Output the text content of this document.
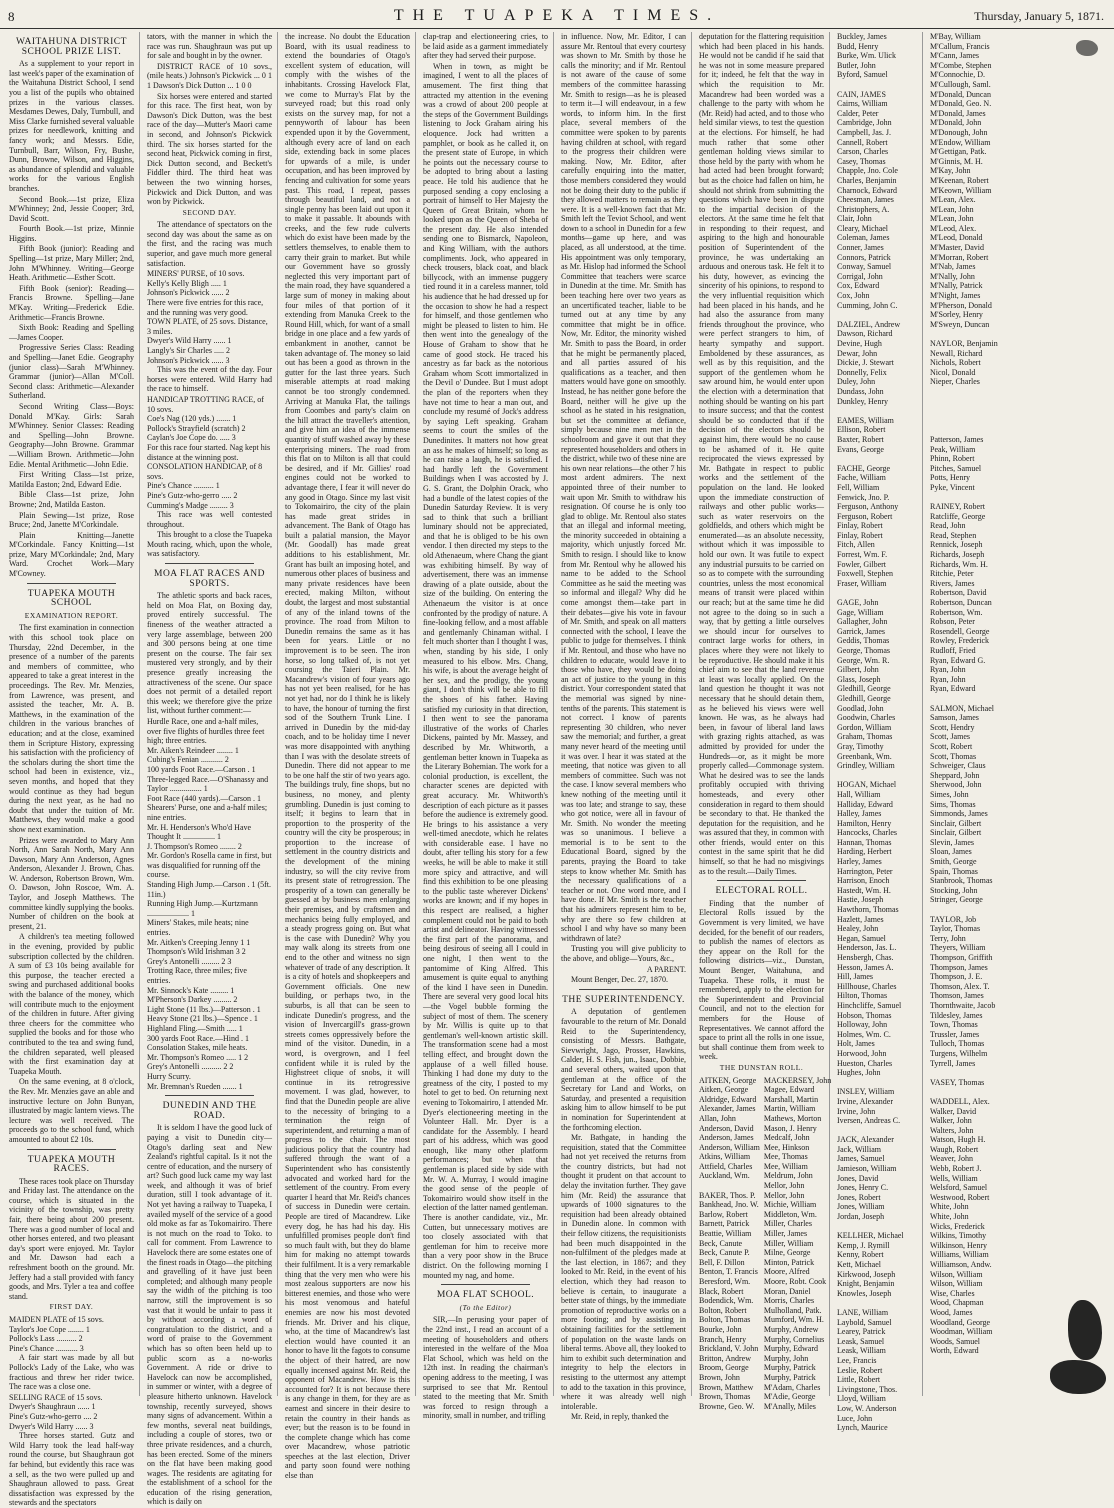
8	THE TUAPEKA TIMES.	Thursday, January 5, 1871.
WAITAHUNA DISTRICT SCHOOL PRIZE LIST.

As a supplement to your report in last week's paper of the examination of the Waitahuna District School, I send you a list of the pupils who obtained prizes in the various classes. Mesdames Dewes, Daly, Turnbull, and Miss Clarke furnished several valuable prizes for needlework, knitting and fancy work; and Messrs. Edie, Turnbull, Barr, Wilson, Fry, Bushe, Dunn, Browne, Wilson, and Higgins, as abundance of splendid and valuable works for the various English branches.

Second Book.—1st prize, Eliza M'Whinney; 2nd, Jessie Cooper; 3rd, David Scott.

Fourth Book.—1st prize, Minnie Higgins.

Fifth Book (junior): Reading and Spelling—1st prize, Mary Miller; 2nd, John M'Whinney. Writing—George Heath. Arithmetic—Esther Scott.

Fifth Book (senior): Reading—Francis Browne. Spelling—Jane M'Kay. Writing—Frederick Edie. Arithmetic—Francis Browne.

Sixth Book: Reading and Spelling—James Cooper.

Progressive Series Class: Reading and Spelling—Janet Edie. Geography (junior class)—Sarah M'Whinney. Grammar (junior)—Allan M'Coll. Second class: Arithmetic—Alexander Sutherland.

Second Writing Class—Boys: Donald M'Kay. Girls: Sarah M'Whinney. Senior Classes: Reading and Spelling—John Browne. Geography—John Browne. Grammar—William Brown. Arithmetic—John Edie. Mental Arithmetic—John Edie.

First Writing Class—1st prize, Matilda Easton; 2nd, Edward Edie.

Bible Class—1st prize, John Browne; 2nd, Matilda Easton.

Plain Sewing—1st prize, Rose Bruce; 2nd, Janette M'Corkindale.

Plain Knitting—Janette M'Corkindale. Fancy Knitting—1st prize, Mary M'Corkindale; 2nd, Mary Ward. Crochet Work—Mary M'Cowney.

TUAPEKA MOUTH SCHOOL
EXAMINATION REPORT.

The first examination in connection with this school took place on Thursday, 22nd December, in the presence of a number of the parents and members of committee, who appeared to take a great interest in the proceedings. The Rev. Mr. Menzies, from Lawrence, was present, and assisted the teacher, Mr. A. B. Matthews, in the examination of the children in the various branches of education; and at the close, examined them in Scripture History, expressing his satisfaction with the proficiency of the scholars during the short time the school had been in existence, viz., seven months, and hoped that they would continue as they had begun during the next year, as he had no doubt that under the tuition of Mr. Matthews, they would make a good show next examination.

Prizes were awarded to Mary Ann North, Ann Sarah North, Mary Ann Dawson, Mary Ann Anderson, Agnes Anderson, Alexander J. Brown, Chas. W. Anderson, Robertson Brown, Wm. O. Dawson, John Roscoe, Wm. A. Taylor, and Joseph Matthews. The committee kindly supplying the books. Number of children on the book at present, 21.

A children's tea meeting followed in the evening, provided by public subscription collected by the children. A sum of £3 10s being available for this purpose, the teacher erected a swing and purchased additional books with the balance of the money, which will contribute much to the enjoyment of the children in future. After giving three cheers for the committee who supplied the books and for those who contributed to the tea and swing fund, the children separated, well pleased with the first examination day at Tuapeka Mouth.

On the same evening, at 8 o'clock, the Rev. Mr. Menzies gave an able and instructive lecture on John Bunyan, illustrated by magic lantern views. The lecture was well received. The proceeds go to the school fund, which amounted to about £2 10s.

TUAPEKA MOUTH RACES.

These races took place on Thursday and Friday last. The attendance on the course, which is situated in the vicinity of the township, was pretty fair, there being about 200 present. There was a good number of local and other horses entered, and two pleasant day's sport were enjoyed. Mr. Taylor and Mr. Dawson had each a refreshment booth on the ground. Mr. Jeffery had a stall provided with fancy goods, and Mrs. Tyler a tea and coffee stand.

FIRST DAY.

MAIDEN PLATE of 15 sovs.

Taylor's Joe Cope ........ 1

Pollock's Lass .......... 2

Pine's Chance ........... 3

A fair start was made by all but Pollock's Lady of the Lake, who was fractious and threw her rider twice. The race was a close one.

SELLING RACE of 15 sovs.

Dwyer's Shaughraun ...... 1

Pine's Gutz-who-gerro .... 2

Dwyer's Wild Harry ...... 3

Three horses started. Gutz and Wild Harry took the lead half-way round the course, but Shaughraun got far behind, but evidently this race was a sell, as the two were pulled up and Shaughraun allowed to pass. Great dissatisfaction was expressed by the stewards and the spectators

tators, with the manner in which the race was run. Shaughraun was put up for sale and bought in by the owner.

DISTRICT RACE of 10 sovs., (mile heats.) Johnson's Pickwick ... 0 1 1 Dawson's Dick Dutton ... 1 0 0

Six horses were entered and started for this race. The first heat, won by Dawson's Dick Dutton, was the best race of the day—Mutter's Maori came in second, and Johnson's Pickwick third. The six horses started for the second heat, Pickwick coming in first, Dick Dutton second, and Beckett's Fiddler third. The third heat was between the two winning horses, Pickwick and Dick Dutton, and was won by Pickwick.

SECOND DAY.

The attendance of spectators on the second day was about the same as on the first, and the racing was much superior, and gave much more general satisfaction.

MINERS' PURSE, of 10 sovs.

Kelly's Kelly Bligh ..... 1

Johnson's Pickwick ...... 2

There were five entries for this race, and the running was very good.

TOWN PLATE, of 25 sovs. Distance, 3 miles.

Dwyer's Wild Harry ...... 1

Langly's Sir Charles ..... 2

Johnson's Pickwick ...... 3

This was the event of the day. Four horses were entered. Wild Harry had the race to himself.

HANDICAP TROTTING RACE, of 10 sovs.

Coe's Nag (120 yds.) ....... 1

Pollock's Strayfield (scratch) 2

Caylan's Joe Cope do. ..... 3

For this race four started. Nag kept his distance at the winning post.

CONSOLATION HANDICAP, of 8 sovs.

Pine's Chance .......... 1

Pine's Gutz-who-gerro ..... 2

Cumming's Madge ......... 3

This race was well contested throughout.

This brought to a close the Tuapeka Mouth racing, which, upon the whole, was satisfactory.

MOA FLAT RACES AND SPORTS.

The athletic sports and back races, held on Moa Flat, on Boxing day, proved entirely successful. The fineness of the weather attracted a very large assemblage, between 200 and 300 persons being at one time present on the course. The fair sex mustered very strongly, and by their presence greatly increasing the attractiveness of the scene. Our space does not permit of a detailed report this week; we therefore give the prize list, without further comment:—

Hurdle Race, one and a-half miles, over five flights of hurdles three feet high; three entries.

Mr. Aiken's Reindeer ........ 1

Cubing's Fenian ........... 2

100 yards Foot Race.—Carson . 1

Three-legged Race.—O'Shanassy and Taylor ................ 1

Foot Race (440 yards).—Carson . 1

Shearers' Purse, one and a-half miles; nine entries.

Mr. H. Henderson's Who'd Have Thought It ................ 1

J. Thompson's Romeo ........ 2

Mr. Gordon's Rosella came in first, but was disqualified for running off the course.

Standing High Jump.—Carson . 1 (5ft. 11in.)

Running High Jump.—Kurtzmann ..................... 1

Miners' Stakes, mile heats; nine entries.

Mr. Aitken's Creeping Jenny 1 1

Thompson's Wild Irishman 3 2

Grey's Antonelli ......... 2 3

Trotting Race, three miles; five entries.

Mr. Sinnock's Kate ......... 1

M'Pherson's Darkey ......... 2

Light Stone (11 lbs.)—Patterson . 1

Heavy Stone (21 lbs.)—Spence . 1

Highland Fling.—Smith ..... 1

300 yards Foot Race.—Hind . 1

Consolation Stakes, mile heats.

Mr. Thompson's Romeo ..... 1 2

Grey's Antonelli .......... 2 2

Hurry Scurry.

Mr. Bremnan's Rueden ....... 1

DUNEDIN AND THE ROAD.

It is seldom I have the good luck of paying a visit to Dunedin city—Otago's darling seat and New Zealand's rightful capital. Is it not the centre of education, and the nursery of art? Such good luck came my way last week, and although it was of brief duration, still I took advantage of it. Not yet having a railway to Tuapeka, I availed myself of the service of a good old moke as far as Tokomairiro. There is not much on the road to Toko. to call for comment. From Lawrence to Havelock there are some estates one of the finest roads in Otago—the pitching and gravelling of it have just been completed; and although many people say the width of the pitching is too narrow, still the improvement is so vast that it would be unfair to pass it by without according a word of congratulation to the district, and a word of praise to the Government which has so often been held up to public scorn as a no-works Government. A ride or drive to Havelock can now be accomplished, in summer or winter, with a degree of pleasure hitherto unknown. Havelock township, recently surveyed, shows many signs of advancement. Within a few months, several neat buildings, including a couple of stores, two or three private residences, and a church, has been erected. Some of the miners on the flat have been making good wages. The residents are agitating for the establishment of a school for the education of the rising generation, which is daily on

the increase. No doubt the Education Board, with its usual readiness to extend the boundaries of Otago's excellent system of education, will comply with the wishes of the inhabitants. Crossing Havelock Flat, we come to Murray's Flat by the surveyed road; but this road only exists on the survey map, for not a pennyworth of labour has been expended upon it by the Government, although every acre of land on each side, extending back in some places for upwards of a mile, is under occupation, and has been improved by fencing and cultivation for some years past. This road, I repeat, passes through beautiful land, and not a single penny has been laid out upon it to make it passable. It abounds with creeks, and the few rude culverts which do exist have been made by the settlers themselves, to enable them to carry their grain to market. But while our Government have so grossly neglected this very important part of the main road, they have squandered a large sum of money in making about four miles of that portion of it extending from Manuka Creek to the Round Hill, which, for want of a small bridge in one place and a few yards of embankment in another, cannot be taken advantage of. The money so laid out has been a good as thrown in the gutter for the last three years. Such miserable attempts at road making cannot be too strongly condemned. Arriving at Manuka Flat, the tailings from Coombes and party's claim on the hill attract the traveller's attention, and give him an idea of the immense quantity of stuff washed away by these enterprising miners. The road from this flat on to Milton is all that could be desired, and if Mr. Gillies' road engines could not be worked to advantage there, I fear it will never do any good in Otago. Since my last visit to Tokomairiro, the city of the plain has made great strides in advancement. The Bank of Otago has built a palatial mansion, the Mayor (Mr. Goodall) has made great additions to his establishment, Mr. Grant has built an imposing hotel, and numerous other places of business and many private residences have been erected, making Milton, without doubt, the largest and most substantial of any of the inland towns of the province. The road from Milton to Dunedin remains the same as it has been for years. Little or no improvement is to be seen. The iron horse, so long talked of, is not yet coursing the Taieri Plain. Mr. Macandrew's vision of four years ago has not yet been realised, for he has not yet had, nor do I think he is likely to have, the honour of turning the first sod of the Southern Trunk Line. I arrived in Dunedin by the mid-day coach, and to be holiday time I never was more disappointed with anything than I was with the desolate streets of Dunedin. There did not appear to me to be one half the stir of two years ago. The buildings truly, fine shops, but no business, no money, and plenty grumbling. Dunedin is just coming to itself; it begins to learn that in proportion to the prosperity of the country will the city be prosperous; in proportion to the increase of settlement in the country districts and the development of the mining industry, so will the city revive from its present state of retrogression. The prosperity of a town can generally be guessed at by business men enlarging their premises, and by craftsmen and mechanics being fully employed, and a steady progress going on. But what is the case with Dunedin? Why you may walk along its streets from one end to the other and witness no sign whatever of trade of any description. It is a city of hotels and shopkeepers and Government officials. One new building, or perhaps two, in the suburbs, is all that can be seen to indicate Dunedin's progress, and the vision of Invercargill's grass-grown streets comes oppressively before the mind of the visitor. Dunedin, in a word, is overgrown, and I feel confident while it is ruled by the Highstreet clique of snobs, it will continue in its retrogressive movement. I was glad, however, to find that the Dunedin people are alive to the necessity of bringing to a termination the reign of superintendent, and returning a man of progress to the chair. The most judicious policy that the country had suffered through the want of a Superintendent who has consistently advocated and worked hard for the settlement of the country. From every quarter I heard that Mr. Reid's chances of success in Dunedin were certain. People are tired of Macandrew. Like every dog, he has had his day. His unfulfilled promises people don't find so much fault with, but they do blame him for making no attempt towards their fulfilment. It is a very remarkable thing that the very men who were his most zealous supporters are now his bitterest enemies, and those who were his most venomous and hateful enemies are now his most devoted friends. Mr. Driver and his clique, who, at the time of Macandrew's last election would have counted it an honor to have lit the fagots to consume the object of their hatred, are now equally incensed against Mr. Reid, the opponent of Macandrew. How is this accounted for? It is not because there is any change in them, for they are as earnest and sincere in their desire to retain the country in their hands as ever; but the reason is to be found in the complete change which has come over Macandrew, whose patriotic speeches at the last election, Driver and party soon found were nothing else than

clap-trap and electioneering cries, to be laid aside as a garment immediately after they had served their purpose.

When in town, as might be imagined, I went to all the places of amusement. The first thing that attracted my attention in the evening was a crowd of about 200 people at the steps of the Government Buildings listening to Jock Graham airing his eloquence. Jock had written a pamphlet, or book as he called it, on the present state of Europe, in which he points out the necessary course to be adopted to bring about a lasting peace. He told his audience that he purposed sending a copy enclosing a portrait of himself to Her Majesty the Queen of Great Britain, whom he looked upon as the Queen of Sheba of the present day. He also intended sending one to Bismarck, Napoleon, and King William, with the authors compliments. Jock, who appeared in check trousers, black coat, and black billycock, with an immense puggery tied round it in a careless manner, told his audience that he had dressed up for the occasion to show he had a respect for himself, and those gentlemen who might be pleased to listen to him. He then went into the genealogy of the House of Graham to show that he came of good stock. He traced his ancestry as far back as the notorious Graham whom Scott immortalized in the Devil o' Dundee. But I must adopt the plan of the reporters when they have not time to hear a man out, and conclude my resumé of Jock's address by saying Left speaking. Graham seems to court the smiles of the Dunedinites. It matters not how great an ass he makes of himself; so long as he can raise a laugh, he is satisfied. I had hardly left the Government Buildings when I was accosted by J. G. S. Grant, the Dolphin Orack, who had a bundle of the latest copies of the Dunedin Saturday Review. It is very sad to think that such a brilliant luminary should not be appreciated, and that he is obliged to be his own vendor. I then directed my steps to the old Athenaeum, where Chang the giant was exhibiting himself. By way of advertisement, there was an immense drawing of a plate outside, about the size of the building. On entering the Athenaeum the visitor is at once confronted by the prodigy of nature. A fine-looking fellow, and a most affable and gentlemanly Chinaman withal. I felt much shorter than I thought I was, when, standing by his side, I only measured to his elbow. Mrs. Chang, his wife, is about the average height of her sex, and the prodigy, the young giant, I don't think will be able to fill the shoes of his father. Having satisfied my curiosity in that direction, I then went to see the panorama illustrative of the works of Charles Dickens, painted by Mr. Massey, and described by Mr. Whitworth, a gentleman better known in Tuapeka as the Literary Bohemian. The work for a colonial production, is excellent, the character scenes are depicted with great accuracy. Mr. Whitworth's description of each picture as it passes before the audience is extremely good. He brings to his assistance a very well-timed anecdote, which he relates with considerable ease. I have no doubt, after telling his story for a few weeks, he will be able to make it still more spicy and attractive, and will find this exhibition to be one pleasing to the public taste wherever Dickens' works are known; and if my hopes in this respect are realised, a higher complement could not be paid to both artist and delineator. Having witnessed the first part of the panorama, and being desirous of seeing all I could in one night, I then went to the pantomime of King Alfred. This amusement is quite equal to anything of the kind I have seen in Dunedin. There are several very good local hits—the Vogel bubble forming the subject of most of them. The scenery by Mr. Willis is quite up to that gentleman's well-known artistic skill. The transformation scene had a most telling effect, and brought down the applause of a well filled house. Thinking I had done my duty to the greatness of the city, I posted to my hotel to get to bed. On returning next evening to Tokomairiro, I attended Mr. Dyer's electioneering meeting in the Volunteer Hall. Mr. Dyer is a candidate for the Assembly. I heard part of his address, which was good enough, like many other platform performances; but when that gentleman is placed side by side with Mr. W. A. Murray, I would imagine the good sense of the people of Tokomairiro would show itself in the election of the latter named gentleman. There is another candidate, viz., Mr. Cutten, but unnecessary motives are too closely associated with that gentleman for him to receive more than a very poor show in the Bruce district. On the following morning I mounted my nag, and home.

MOA FLAT SCHOOL.
(To the Editor)

SIR,—In perusing your paper of the 22nd inst., I read an account of a meeting of householders and others interested in the welfare of the Moa Flat School, which was held on the 12th inst. In reading the chairman's opening address to the meeting, I was surprised to see that Mr. Rentoul stated to the meeting that Mr. Smith was forced to resign through a minority, small in number, and trifling

in influence. Now, Mr. Editor, I can assure Mr. Rentoul that every courtesy was shown to Mr. Smith by those he calls the minority; and if Mr. Rentoul is not aware of the cause of some members of the committee harassing Mr. Smith to resign—as he is pleased to term it—I will endeavour, in a few words, to inform him. In the first place, several members of the committee were spoken to by parents having children at school, with regard to the progress their children were making. Now, Mr. Editor, after carefully enquiring into the matter, those members considered they would not be doing their duty to the public if they allowed matters to remain as they were. It is a well-known fact that Mr. Smith left the Teviot School, and went down to a school in Dunedin for a few months—game up here, and was placed, as all understood, at the time. His appointment was only temporary, as Mr. Hislop had informed the School Committee that teachers were scarce in Dunedin at the time. Mr. Smith has been teaching here over two years as an uncertificated teacher, liable to be turned out at any time by any committee that might be in office. Now, Mr. Editor, the minority wished Mr. Smith to pass the Board, in order that he might be permanently placed, and all parties assured of his qualifications as a teacher, and then matters would have gone on smoothly. Instead, he has neither gone before the Board, neither will he give up the school as he stated in his resignation, but set the committee at defiance, simply because nine men met in the schoolroom and gave it out that they represented householders and others in the district, while two of these nine are his own near relations—the other 7 his most ardent admirers. The next appointed three of their number to wait upon Mr. Smith to withdraw his resignation. Of course he is only too glad to oblige. Mr. Rentoul also states that an illegal and informal meeting, the minority succeeded in obtaining a majority, which unjustly forced Mr. Smith to resign. I should like to know from Mr. Rentoul why he allowed his name to be added to the School Committee as he said the meeting was so informal and illegal? Why did he come amongst them—take part in their debates—give his vote in favour of Mr. Smith, and speak on all matters connected with the school, I leave the public to judge for themselves. I think if Mr. Rentoul, and those who have no children to educate, would leave it to those who have, they would be doing an act of justice to the young in this district. Your correspondent stated that the memorial was signed by nine-tenths of the parents. This statement is not correct. I know of parents representing 30 children, who never saw the memorial; and further, a great many never heard of the meeting until it was over. I hear it was stated at the meeting, that notice was given to all members of committee. Such was not the case. I know several members who knew nothing of the meeting until it was too late; and strange to say, these who got notice, were all in favour of Mr. Smith. No wonder the meeting was so unanimous. I believe a memorial is to be sent to the Educational Board, signed by the parents, praying the Board to take steps to know whether Mr. Smith has the necessary qualifications of a teacher or not. One word more, and I have done. If Mr. Smith is the teacher that his admirers represent him to be, why are there so few children at school I and why have so many been withdrawn of late?

Trusting you will give publicity to the above, and oblige—Yours, &c.,

A PARENT.

Mount Benger, Dec. 27, 1870.

THE SUPERINTENDENCY.

A deputation of gentlemen favourable to the return of Mr. Donald Reid to the Superintendency, consisting of Messrs. Bathgate, Sievwright, Jago, Prosser, Hawkins, Calder, H. S. Fish, jun., Isaac, Dobbie, and several others, waited upon that gentleman at the office of the Secretary for Land and Works, on Saturday, and presented a requisition asking him to allow himself to be put in nomination for Superintendent at the forthcoming election.

Mr. Bathgate, in handing the requisition, stated that the Committee had not yet received the returns from the country districts, but had not thought it prudent on that account to delay the invitation further. They gave him (Mr. Reid) the assurance that upwards of 1000 signatures to the requisition had been already obtained in Dunedin alone. In common with their fellow citizens, the requisitionists had been much disappointed in the non-fulfilment of the pledges made at the last election, in 1867; and they looked to Mr. Reid, in the event of his election, which they had reason to believe is certain, to inaugurate a better state of things, by the immediate promotion of reproductive works on a more footing; and by assisting in obtaining facilities for the settlement of population on the waste lands on liberal terms. Above all, they looked to him to exhibit such determination and integrity to help the electors in resisting to the uttermost any attempt to add to the taxation in this province, where it was already well nigh intolerable.

Mr. Reid, in reply, thanked the

deputation for the flattering requisition which had been placed in his hands. He would not be candid if he said that he was not in some measure prepared for it; indeed, he felt that the way in which the requisition to Mr. Macandrew had been worded was a challenge to the party with whom he (Mr. Reid) had acted, and to those who held similar views, to test the question at the elections. For himself, he had much rather that some other gentleman holding views similar to those held by the party with whom he had acted had been brought forward; but as the choice had fallen on him, he should not shrink from submitting the questions which have been in dispute to the impartial decision of the electors. At the same time he felt that in responding to their request, and aspiring to the high and honourable position of Superintendent of the province, he was undertaking an arduous and onerous task. He felt it to his duty, however, as evincing the sincerity of his opinions, to respond to the very influential requisition which had been placed in his hands, and he had also the assurance from many friends throughout the province, who were perfect strangers to him, of hearty sympathy and support. Emboldened by these assurances, as well as by this requisition, and the support of the gentlemen whom he saw around him, he would enter upon the election with a determination that nothing should be wanting on his part to insure success; and that the contest should be so conducted that if the decision of the electors should be against him, there would be no cause to be ashamed of it. He quite reciprocated the views expressed by Mr. Bathgate in respect to public works and the settlement of the population on the land. He looked upon the immediate construction of railways and other public works—such as water reservoirs on the goldfields, and others which might be enumerated—as an absolute necessity, without which it was impossible to hold our own. It was futile to expect any industrial pursuits to be carried on so as to compete with the surrounding countries, unless the most economical means of transit were placed within our reach; but at the same time he did not agree to the doing so in such a way, that by getting a little ourselves we should incur for ourselves to contract large works for others, in places where they were not likely to be reproductive. He should make it his chief aim to see that the land revenue at least was locally applied. On the land question he thought it was not necessary that he should detain them, as he believed his views were well known. He was, as he always had been, in favour of liberal land laws with grazing rights attached, as was admitted by provided for under the Hundreds—or, as it might be more properly called—Commonage system. What he desired was to see the lands profitably occupied with thriving homesteads, and every other consideration in regard to them should be secondary to that. He thanked the deputation for the requisition, and he was assured that they, in common with other friends, would enter on this contest in the same spirit that he did himself, so that he had no misgivings as to the result.—Daily Times.

ELECTORAL ROLL.

Finding that the number of Electoral Rolls issued by the Government is very limited, we have decided, for the benefit of our readers, to publish the names of electors as they appear on the Roll for the following districts—viz., Dunstan, Mount Benger, Waitahuna, and Tuapeka. These rolls, it must be remembered, apply to the election for the Superintendent and Provincial Council, and not to the election for members for the House of Representatives. We cannot afford the space to print all the rolls in one issue, but shall continue them from week to week.

THE DUNSTAN ROLL.
AITKEN, George
Aitken, George
Aldridge, Edward
Alexander, James
Allan, John
Anderson, David
Anderson, James
Anderson, William
Atkins, William
Attfield, Charles
Auckland, Wm.

BAKER, Thos. P.
Bankhead, Jno. W.
Barlow, Robert
Barnett, Patrick
Beattie, William
Beck, Canute
Beck, Canute P.
Bell, F. Dillon
Benton, T. Francis
Beresford, Wm.
Black, Robert
Bodendick, Wm.
Bolton, Robert
Bolton, Thomas
Bourke, John
Branch, Henry
Brickland, V. John
Britton, Andrew
Broom, George
Brown, John
Brown, Matthew
Brown, Thomas
Browne, Geo. W.
MACKERSEY, John
Magee, Edward
Marshall, Martin
Martin, William
Mathews, Morton
Mason, J. Henry
Medcalf, John
Mee, Hinkson
Mee, Thomas
Mee, William
Meldrum, John
Mellor, John
Mellor, John
Michie, William
Middleton, Wm.
Miller, Charles
Miller, James
Miller, William
Milne, George
Minton, Patrick
Moore, Alfred
Moore, Robt. Cook
Moran, Daniel
Morris, Charles
Mulholland, Patk.
Mumford, Wm. H.
Murphy, Andrew
Murphy, Cornelius
Murphy, Edward
Murphy, John
Murphy, Patrick
Murphy, Patrick
M'Adam, Charles
M'Adie, George
M'Anally, Miles
Buckley, James
Budd, Henry
Burke, Wm. Ulick
Butler, John
Byford, Samuel

CAIN, JAMES
Cairns, William
Calder, Peter
Cambridge, John
Campbell, Jas. J.
Cannell, Robert
Carson, Charles
Casey, Thomas
Chapple, Jno. Cole
Charles, Benjamin
Charnock, Edward
Cheesman, James
Christophers, A.
Clair, John
Cleary, Michael
Coleman, James
Conner, James
Connors, Patrick
Conway, Samuel
Corrigal, John
Cox, Edward
Cox, John
Cumming, John C.

DALZIEL, Andrew
Dawson, Richard
Devine, Hugh
Dewar, John
Dickie, J. Stewart
Donnelly, Felix
Duley, John
Dundass, John
Dunkley, Henry

EAMES, William
Ellison, Robert
Baxter, Robert
Evans, George

FACHE, George
Fache, William
Fell, William
Fenwick, Jno. P.
Ferguson, Anthony
Ferguson, Robert
Finlay, Robert
Finlay, Robert
Fitch, Allen
Forrest, Wm. F.
Fowler, Gilbert
Foxwell, Stephen
Fraser, William

GAGE, John
Gage, William
Gallagher, John
Garrick, James
Geddis, Thomas
George, Thomas
George, Wm. R.
Gilbert, John
Glass, Joseph
Gledhill, George
Gledhill, George
Goodlad, John
Goodwin, Charles
Gordon, William
Graham, Thomas
Gray, Timothy
Greenbank, Wm.
Grindley, William

HOGAN, Michael
Hall, William
Halliday, Edward
Halley, James
Hamilton, Henry
Hancocks, Charles
Hannan, Thomas
Harding, Herbert
Harley, James
Harrington, Peter
Harrison, Enoch
Hastedt, Wm. H.
Hastie, Joseph
Hawthorn, Thomas
Hazlett, James
Healey, John
Hegan, Samuel
Henderson, Jas. L.
Hensbergh, Chas.
Hesson, James A.
Hill, James
Hillhouse, Charles
Hilton, Thomas
Hinchcliffe, Samuel
Hobson, Thomas
Holloway, John
Holmes, Wm. C.
Holt, James
Horwood, John
Hueston, Charles
Hughes, John

INSLEY, William
Irvine, Alexander
Irvine, John
Iversen, Andreas C.

JACK, Alexander
Jack, William
James, Samuel
Jamieson, William
Jones, David
Jones, Henry C.
Jones, Robert
Jones, William
Jordan, Joseph

KELLHER, Michael
Kemp, J. Rymill
Kenny, Robert
Kett, Michael
Kirkwood, Joseph
Knight, Benjamin
Knowles, Joseph

LANE, William
Laybold, Samuel
Learey, Patrick
Leask, Samuel
Leask, William
Lee, Francis
Leslie, Robert
Little, Robert
Livingstone, Thos.
Lloyd, William
Low, W. Anderson
Luce, John
Lynch, Maurice
M'Bay, William
M'Callum, Francis
M'Cann, James
M'Combe, Stephen
M'Connochie, D.
M'Cullough, Saml.
M'Donald, Duncan
M'Donald, Geo. N.
M'Donald, James
M'Donald, John
M'Donough, John
M'Endow, William
M'Gettigan, Patk.
M'Ginnis, M. H.
M'Kay, John
M'Keenan, Robert
M'Keown, William
M'Lean, Alex.
M'Lean, John
M'Lean, John
M'Leod, Alex.
M'Leod, Donald
M'Master, David
M'Morran, Robert
M'Nab, James
M'Nally, John
M'Nally, Patrick
M'Night, James
M'Pherson, Donald
M'Sorley, Henry
M'Sweyn, Duncan

NAYLOR, Benjamin
Newall, Richard
Nichols, Robert
Nicol, Donald
Nieper, Charles

Patterson, James
Peak, William
Phinn, Robert
Pitches, Samuel
Potts, Henry
Pyke, Vincent

RAINEY, Robert
Ratcliffe, George
Read, John
Read, Stephen
Rennick, Joseph
Richards, Joseph
Richards, Wm. H.
Ritchie, Peter
Rivers, James
Robertson, David
Robertson, Duncan
Robertson, Wm.
Robson, Peter
Rosendell, George
Rowley, Frederick
Rudloff, Fried
Ryan, Edward G.
Ryan, John
Ryan, John
Ryan, Edward

SALMON, Michael
Samson, James
Scott, Hendry
Scott, James
Scott, Robert
Scott, Thomas
Schweiger, Claus
Sheppard, John
Sherwood, John
Simes, John
Sims, Thomas
Simmonds, James
Sinclair, Gilbert
Sinclair, Gilbert
Slevin, James
Sloan, James
Smith, George
Spain, Thomas
Stanbrook, Thomas
Stocking, John
Stringer, George

TAYLOR, Job
Taylor, Thomas
Terry, John
Theyers, William
Thompson, Griffith
Thompson, James
Thompson, J. E.
Thomson, Alex. T.
Thomson, James
Thornthwaite, Jacob
Tildesley, James
Town, Thomas
Trussler, James
Tulloch, Thomas
Turgens, Wilhelm
Tyrrell, James

VASEY, Thomas

WADDELL, Alex.
Walker, David
Walker, John
Walters, John
Watson, Hugh H.
Waugh, Robert
Weaver, John
Webb, Robert J.
Wells, William
Welsford, Samuel
Westwood, Robert
White, John
White, John
Wicks, Frederick
Wilkins, Timothy
Wilkinson, Henry
Williams, William
Williamson, Andw.
Wilson, William
Wilson, William
Wise, Charles
Wood, Chapman
Wood, James
Woodland, George
Woodman, William
Woods, Samuel
Worth, Edward
